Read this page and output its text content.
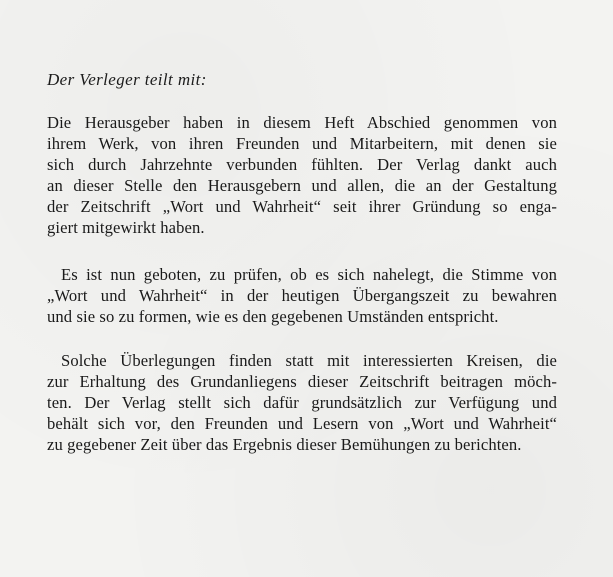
Der Verleger teilt mit:

Die Herausgeber haben in diesem Heft Abschied genommen von
ihrem Werk, von ihren Freunden und Mitarbeitern, mit denen sie
sich durch Jahrzehnte verbunden fühlten. Der Verlag dankt auch
an dieser Stelle den Herausgebern und allen, die an der Gestaltung
der Zeitschrift „Wort und Wahrheit“ seit ihrer Gründung so enga-
giert mitgewirkt haben.

Es ist nun geboten, zu prüfen, ob es sich nahelegt, die Stimme von
„Wort und Wahrheit“ in der heutigen Übergangszeit zu bewahren
und sie so zu formen, wie es den gegebenen Umständen entspricht.

Solche Überlegungen finden statt mit interessierten Kreisen, die
zur Erhaltung des Grundanliegens dieser Zeitschrift beitragen möch-
ten. Der Verlag stellt sich dafür grundsätzlich zur Verfügung und
behält sich vor, den Freunden und Lesern von „Wort und Wahrheit“
zu gegebener Zeit über das Ergebnis dieser Bemühungen zu berichten.
